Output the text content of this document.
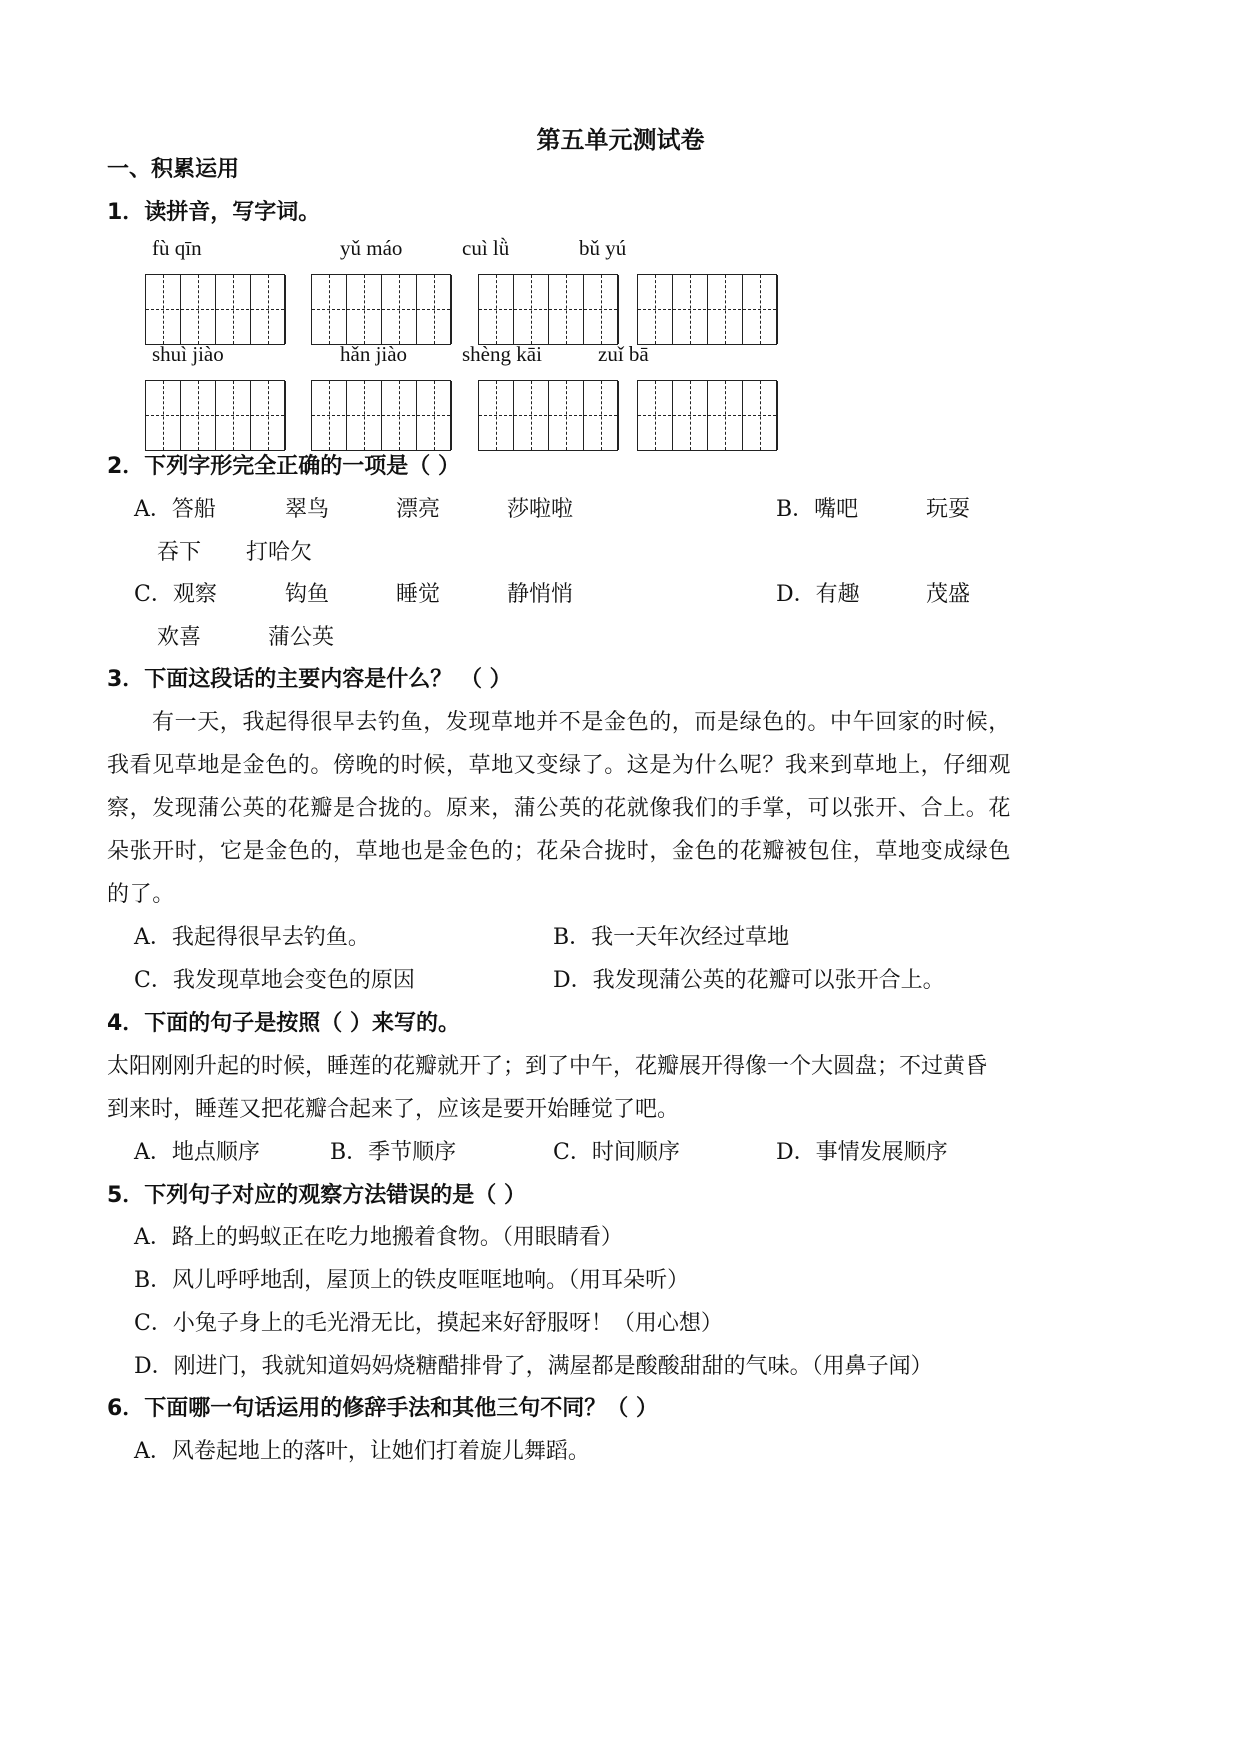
第五单元测试卷
一、积累运用
1．读拼音，写字词。
fù qīn	yǔ máo	cuì lǜ	bǔ yú
shuì jiào	hǎn jiào	shèng kāi	zuǐ bā
2．下列字形完全正确的一项是（ ）
A．答船	翠鸟	漂亮	莎啦啦	B．嘴吧	玩耍
吞下 打哈欠
C．观察	钩鱼	睡觉	静悄悄	D．有趣	茂盛
欢喜	蒲公英
3．下面这段话的主要内容是什么？ （ ）
有一天，我起得很早去钓鱼，发现草地并不是金色的，而是绿色的。中午回家的时候，
我看见草地是金色的。傍晚的时候，草地又变绿了。这是为什么呢？我来到草地上，仔细观
察，发现蒲公英的花瓣是合拢的。原来，蒲公英的花就像我们的手掌，可以张开、合上。花
朵张开时，它是金色的，草地也是金色的；花朵合拢时，金色的花瓣被包住，草地变成绿色
的了。
A．我起得很早去钓鱼。	B．我一天年次经过草地
C．我发现草地会变色的原因	D．我发现蒲公英的花瓣可以张开合上。
4．下面的句子是按照（ ）来写的。
太阳刚刚升起的时候，睡莲的花瓣就开了；到了中午，花瓣展开得像一个大圆盘；不过黄昏
到来时，睡莲又把花瓣合起来了，应该是要开始睡觉了吧。
A．地点顺序	B．季节顺序	C．时间顺序	D．事情发展顺序
5．下列句子对应的观察方法错误的是（ ）
A．路上的蚂蚁正在吃力地搬着食物。（用眼睛看）
B．风儿呼呼地刮，屋顶上的铁皮哐哐地响。（用耳朵听）
C．小兔子身上的毛光滑无比，摸起来好舒服呀！（用心想）
D．刚进门，我就知道妈妈烧糖醋排骨了，满屋都是酸酸甜甜的气味。（用鼻子闻）
6．下面哪一句话运用的修辞手法和其他三句不同？（ ）
A．风卷起地上的落叶，让她们打着旋儿舞蹈。
